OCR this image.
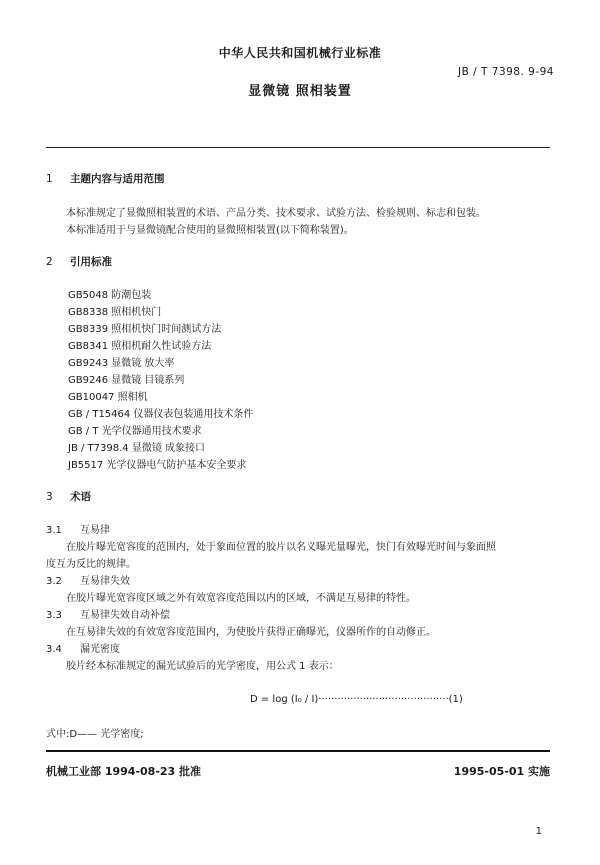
中华人民共和国机械行业标准
JB / T 7398. 9-94
显微镜 照相装置
1 主题内容与适用范围
本标准规定了显微照相装置的术语、产品分类、技术要求、试验方法、检验规则、标志和包装。
本标准适用于与显微镜配合使用的显微照相装置(以下简称装置)。
2 引用标准
GB5048 防潮包装
GB8338 照相机快门
GB8339 照相机快门时间测试方法
GB8341 照相机耐久性试验方法
GB9243 显微镜 放大率
GB9246 显微镜 目镜系列
GB10047 照相机
GB / T15464 仪器仪表包装通用技术条件
GB / T 光学仪器通用技术要求
JB / T7398.4 显微镜 成象接口
JB5517 光学仪器电气防护基本安全要求
3 术语
3.1 互易律
在胶片曝光宽容度的范围内，处于象面位置的胶片以名义曝光量曝光，快门有效曝光时间与象面照
度互为反比的规律。
3.2 互易律失效
在胶片曝光宽容度区域之外有效宽容度范围以内的区域，不满足互易律的特性。
3.3 互易律失效自动补偿
在互易律失效的有效宽容度范围内，为使胶片获得正确曝光，仪器所作的自动修正。
3.4 漏光密度
胶片经本标准规定的漏光试验后的光学密度，用公式 1 表示：
D = log (I₀ / I)·········································(1)
式中:D—— 光学密度;
机械工业部 1994-08-23 批准	1995-05-01 实施
1
